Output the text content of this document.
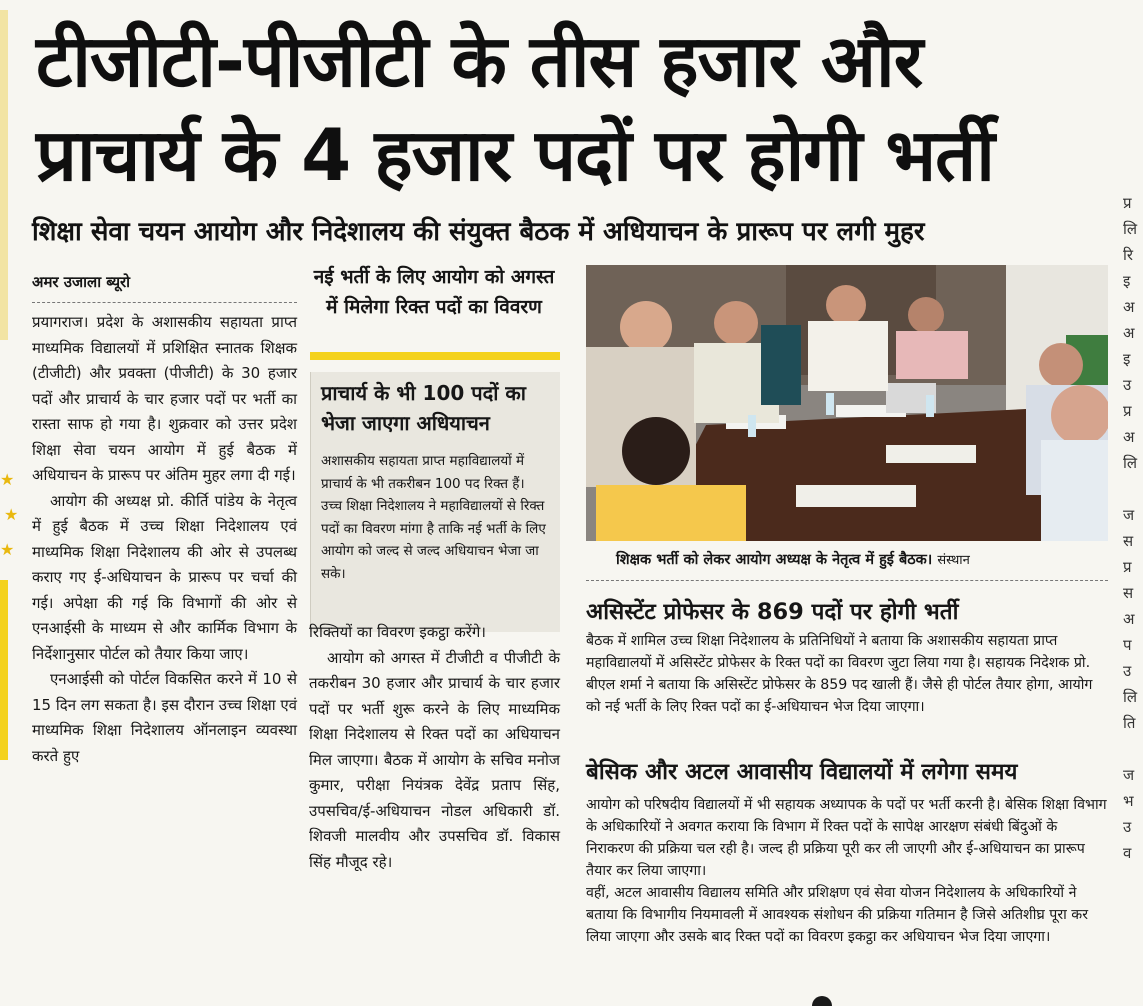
★
★
★
प्र
लि
रि
इ
अ
अ
इ
उ
प्र
अ
लि

ज
स
प्र
स
अ
प
उ
लि
ति

ज
भ
उ
व
टीजीटी-पीजीटी के तीस हजार और
प्राचार्य के 4 हजार पदों पर होगी भर्ती
शिक्षा सेवा चयन आयोग और निदेशालय की संयुक्त बैठक में अधियाचन के प्रारूप पर लगी मुहर
अमर उजाला ब्यूरो

प्रयागराज। प्रदेश के अशासकीय सहायता प्राप्त माध्यमिक विद्यालयों में प्रशिक्षित स्नातक शिक्षक (टीजीटी) और प्रवक्ता (पीजीटी) के 30 हजार पदों और प्राचार्य के चार हजार पदों पर भर्ती का रास्ता साफ हो गया है। शुक्रवार को उत्तर प्रदेश शिक्षा सेवा चयन आयोग में हुई बैठक में अधियाचन के प्रारूप पर अंतिम मुहर लगा दी गई।

आयोग की अध्यक्ष प्रो. कीर्ति पांडेय के नेतृत्व में हुई बैठक में उच्च शिक्षा निदेशालय एवं माध्यमिक शिक्षा निदेशालय की ओर से उपलब्ध कराए गए ई-अधियाचन के प्रारूप पर चर्चा की गई। अपेक्षा की गई कि विभागों की ओर से एनआईसी के माध्यम से और कार्मिक विभाग के निर्देशानुसार पोर्टल को तैयार किया जाए।

एनआईसी को पोर्टल विकसित करने में 10 से 15 दिन लग सकता है। इस दौरान उच्च शिक्षा एवं माध्यमिक शिक्षा निदेशालय ऑनलाइन व्यवस्था करते हुए

नई भर्ती के लिए आयोग को अगस्त में मिलेगा रिक्त पदों का विवरण
प्राचार्य के भी 100 पदों का भेजा जाएगा अधियाचन
अशासकीय सहायता प्राप्त महाविद्यालयों में प्राचार्य के भी तकरीबन 100 पद रिक्त हैं। उच्च शिक्षा निदेशालय ने महाविद्यालयों से रिक्त पदों का विवरण मांगा है ताकि नई भर्ती के लिए आयोग को जल्द से जल्द अधियाचन भेजा जा सके।

रिक्तियों का विवरण इकट्ठा करेंगे।

आयोग को अगस्त में टीजीटी व पीजीटी के तकरीबन 30 हजार और प्राचार्य के चार हजार पदों पर भर्ती शुरू करने के लिए माध्यमिक शिक्षा निदेशालय से रिक्त पदों का अधियाचन मिल जाएगा। बैठक में आयोग के सचिव मनोज कुमार, परीक्षा नियंत्रक देवेंद्र प्रताप सिंह, उपसचिव/ई-अधियाचन नोडल अधिकारी डॉ. शिवजी मालवीय और उपसचिव डॉ. विकास सिंह मौजूद रहे।

शिक्षक भर्ती को लेकर आयोग अध्यक्ष के नेतृत्व में हुई बैठक। संस्थान
असिस्टेंट प्रोफेसर के 869 पदों पर होगी भर्ती

बैठक में शामिल उच्च शिक्षा निदेशालय के प्रतिनिधियों ने बताया कि अशासकीय सहायता प्राप्त महाविद्यालयों में असिस्टेंट प्रोफेसर के रिक्त पदों का विवरण जुटा लिया गया है। सहायक निदेशक प्रो. बीएल शर्मा ने बताया कि असिस्टेंट प्रोफेसर के 859 पद खाली हैं। जैसे ही पोर्टल तैयार होगा, आयोग को नई भर्ती के लिए रिक्त पदों का ई-अधियाचन भेज दिया जाएगा।

बेसिक और अटल आवासीय विद्यालयों में लगेगा समय

आयोग को परिषदीय विद्यालयों में भी सहायक अध्यापक के पदों पर भर्ती करनी है। बेसिक शिक्षा विभाग के अधिकारियों ने अवगत कराया कि विभाग में रिक्त पदों के सापेक्ष आरक्षण संबंधी बिंदुओं के निराकरण की प्रक्रिया चल रही है। जल्द ही प्रक्रिया पूरी कर ली जाएगी और ई-अधियाचन का प्रारूप तैयार कर लिया जाएगा।

वहीं, अटल आवासीय विद्यालय समिति और प्रशिक्षण एवं सेवा योजन निदेशालय के अधिकारियों ने बताया कि विभागीय नियमावली में आवश्यक संशोधन की प्रक्रिया गतिमान है जिसे अतिशीघ्र पूरा कर लिया जाएगा और उसके बाद रिक्त पदों का विवरण इकट्ठा कर अधियाचन भेज दिया जाएगा।
